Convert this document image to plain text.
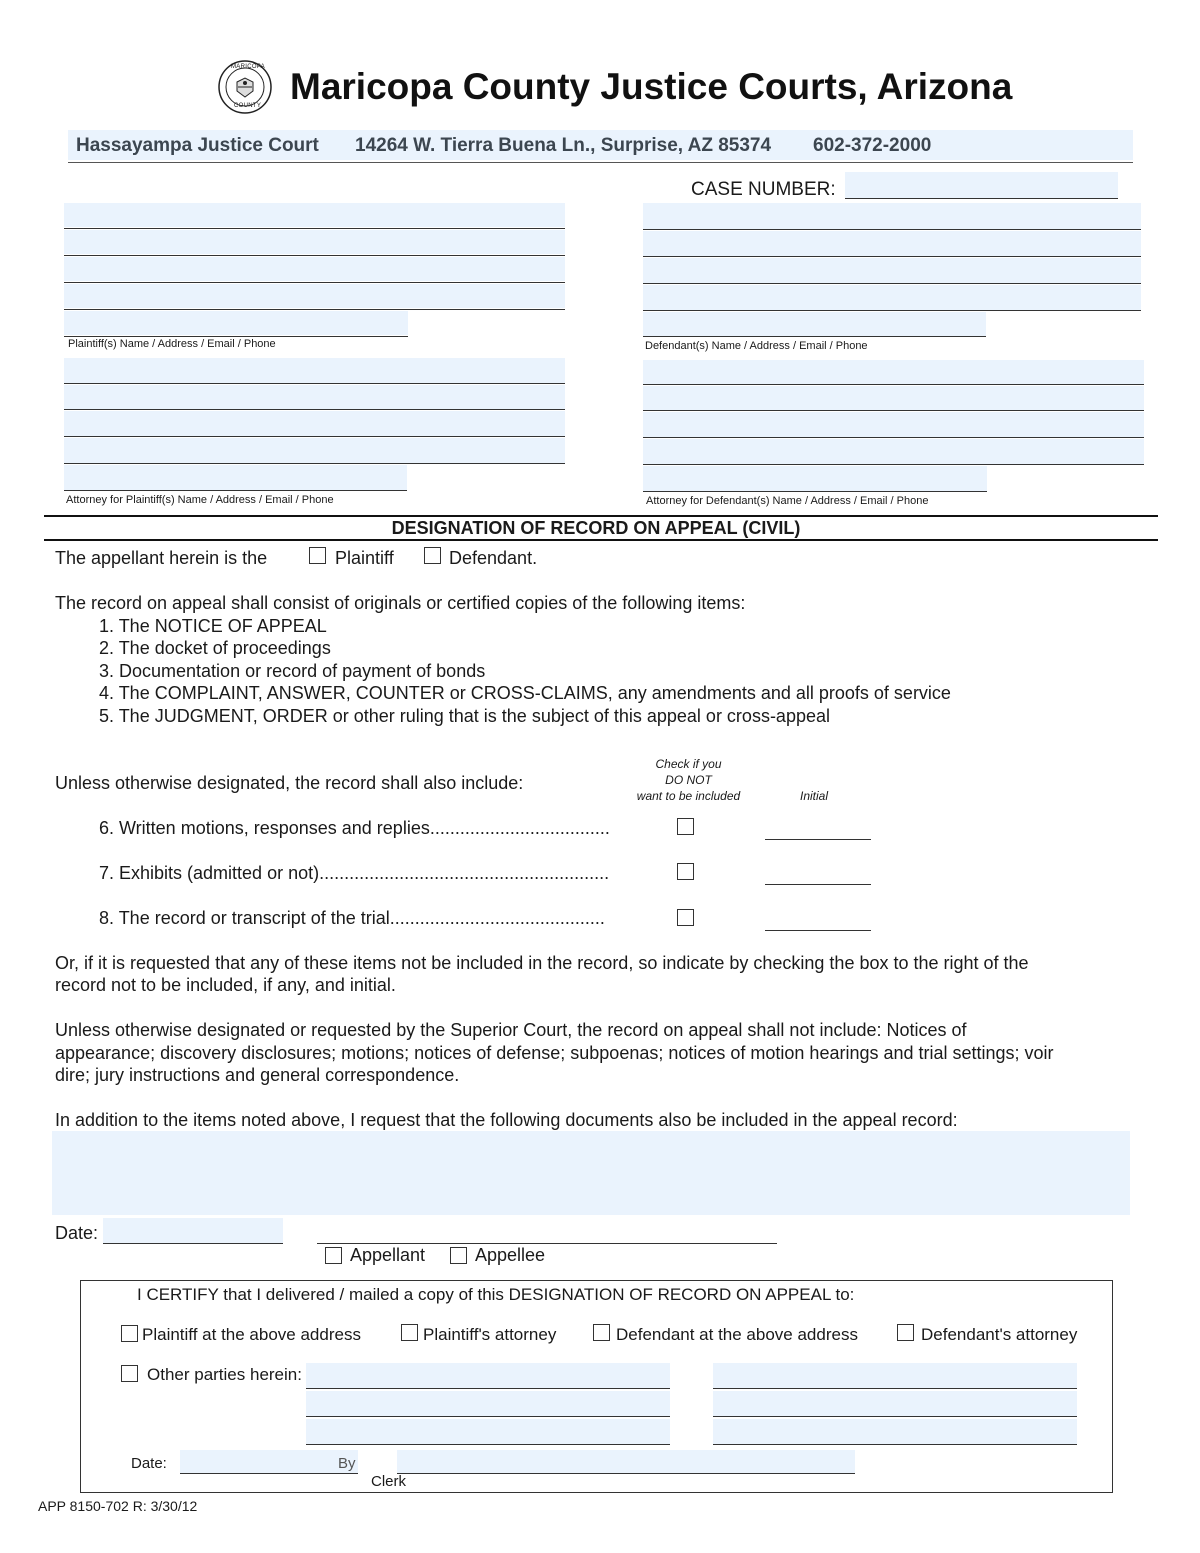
MARICOPA
COUNTY Maricopa County Justice Courts, Arizona
Hassayampa Justice Court 14264 W. Tierra Buena Ln., Surprise, AZ 85374 602-372-2000
CASE NUMBER:
Plaintiff(s) Name / Address / Email / Phone	Defendant(s) Name / Address / Email / Phone
Attorney for Plaintiff(s) Name / Address / Email / Phone	Attorney for Defendant(s) Name / Address / Email / Phone
DESIGNATION OF RECORD ON APPEAL (CIVIL)
The appellant herein is the	Plaintiff	Defendant.
The record on appeal shall consist of originals or certified copies of the following items:
1. The NOTICE OF APPEAL
2. The docket of proceedings
3. Documentation or record of payment of bonds
4. The COMPLAINT, ANSWER, COUNTER or CROSS-CLAIMS, any amendments and all proofs of service
5. The JUDGMENT, ORDER or other ruling that is the subject of this appeal or cross-appeal
Unless otherwise designated, the record shall also include:
Check if you
DO NOT
want to be included	Initial
6. Written motions, responses and replies....................................
7. Exhibits (admitted or not)..........................................................
8. The record or transcript of the trial...........................................
Or, if it is requested that any of these items not be included in the record, so indicate by checking the box to the right of the
record not to be included, if any, and initial.
Unless otherwise designated or requested by the Superior Court, the record on appeal shall not include: Notices of
appearance; discovery disclosures; motions; notices of defense; subpoenas; notices of motion hearings and trial settings; voir
dire; jury instructions and general correspondence.
In addition to the items noted above, I request that the following documents also be included in the appeal record:
Date:
Appellant	Appellee
I CERTIFY that I delivered / mailed a copy of this DESIGNATION OF RECORD ON APPEAL to:
Plaintiff at the above address	Plaintiff's attorney	Defendant at the above address	Defendant's attorney
Other parties herein:
Date:	By
Clerk
APP 8150-702 R: 3/30/12
